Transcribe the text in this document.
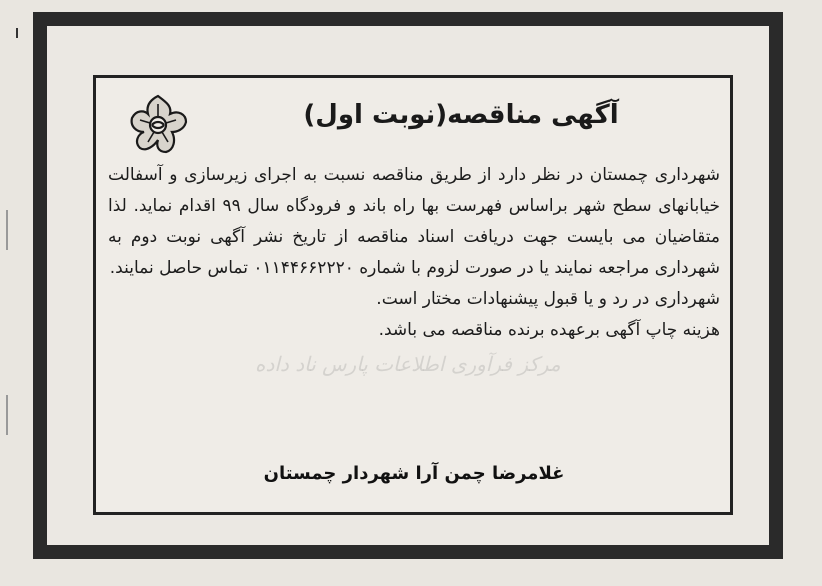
مرکز فرآوری اطلاعات پارس ناد داده
آگهی مناقصه(نوبت اول)

شهرداری چمستان در نظر دارد از طریق مناقصه نسبت به اجرای زیرسازی و آسفالت خیابانهای سطح شهر براساس فهرست بها راه باند و فرودگاه سال ۹۹ اقدام نماید. لذا متقاضیان می بایست جهت دریافت اسناد مناقصه از تاریخ نشر آگهی نوبت دوم به شهرداری مراجعه نمایند یا در صورت لزوم با شماره ۰۱۱۴۴۶۶۲۲۲۰ تماس حاصل نمایند.

شهرداری در رد و یا قبول پیشنهادات مختار است.

هزینه چاپ آگهی برعهده برنده مناقصه می باشد.

غلامرضا چمن آرا شهردار چمستان
